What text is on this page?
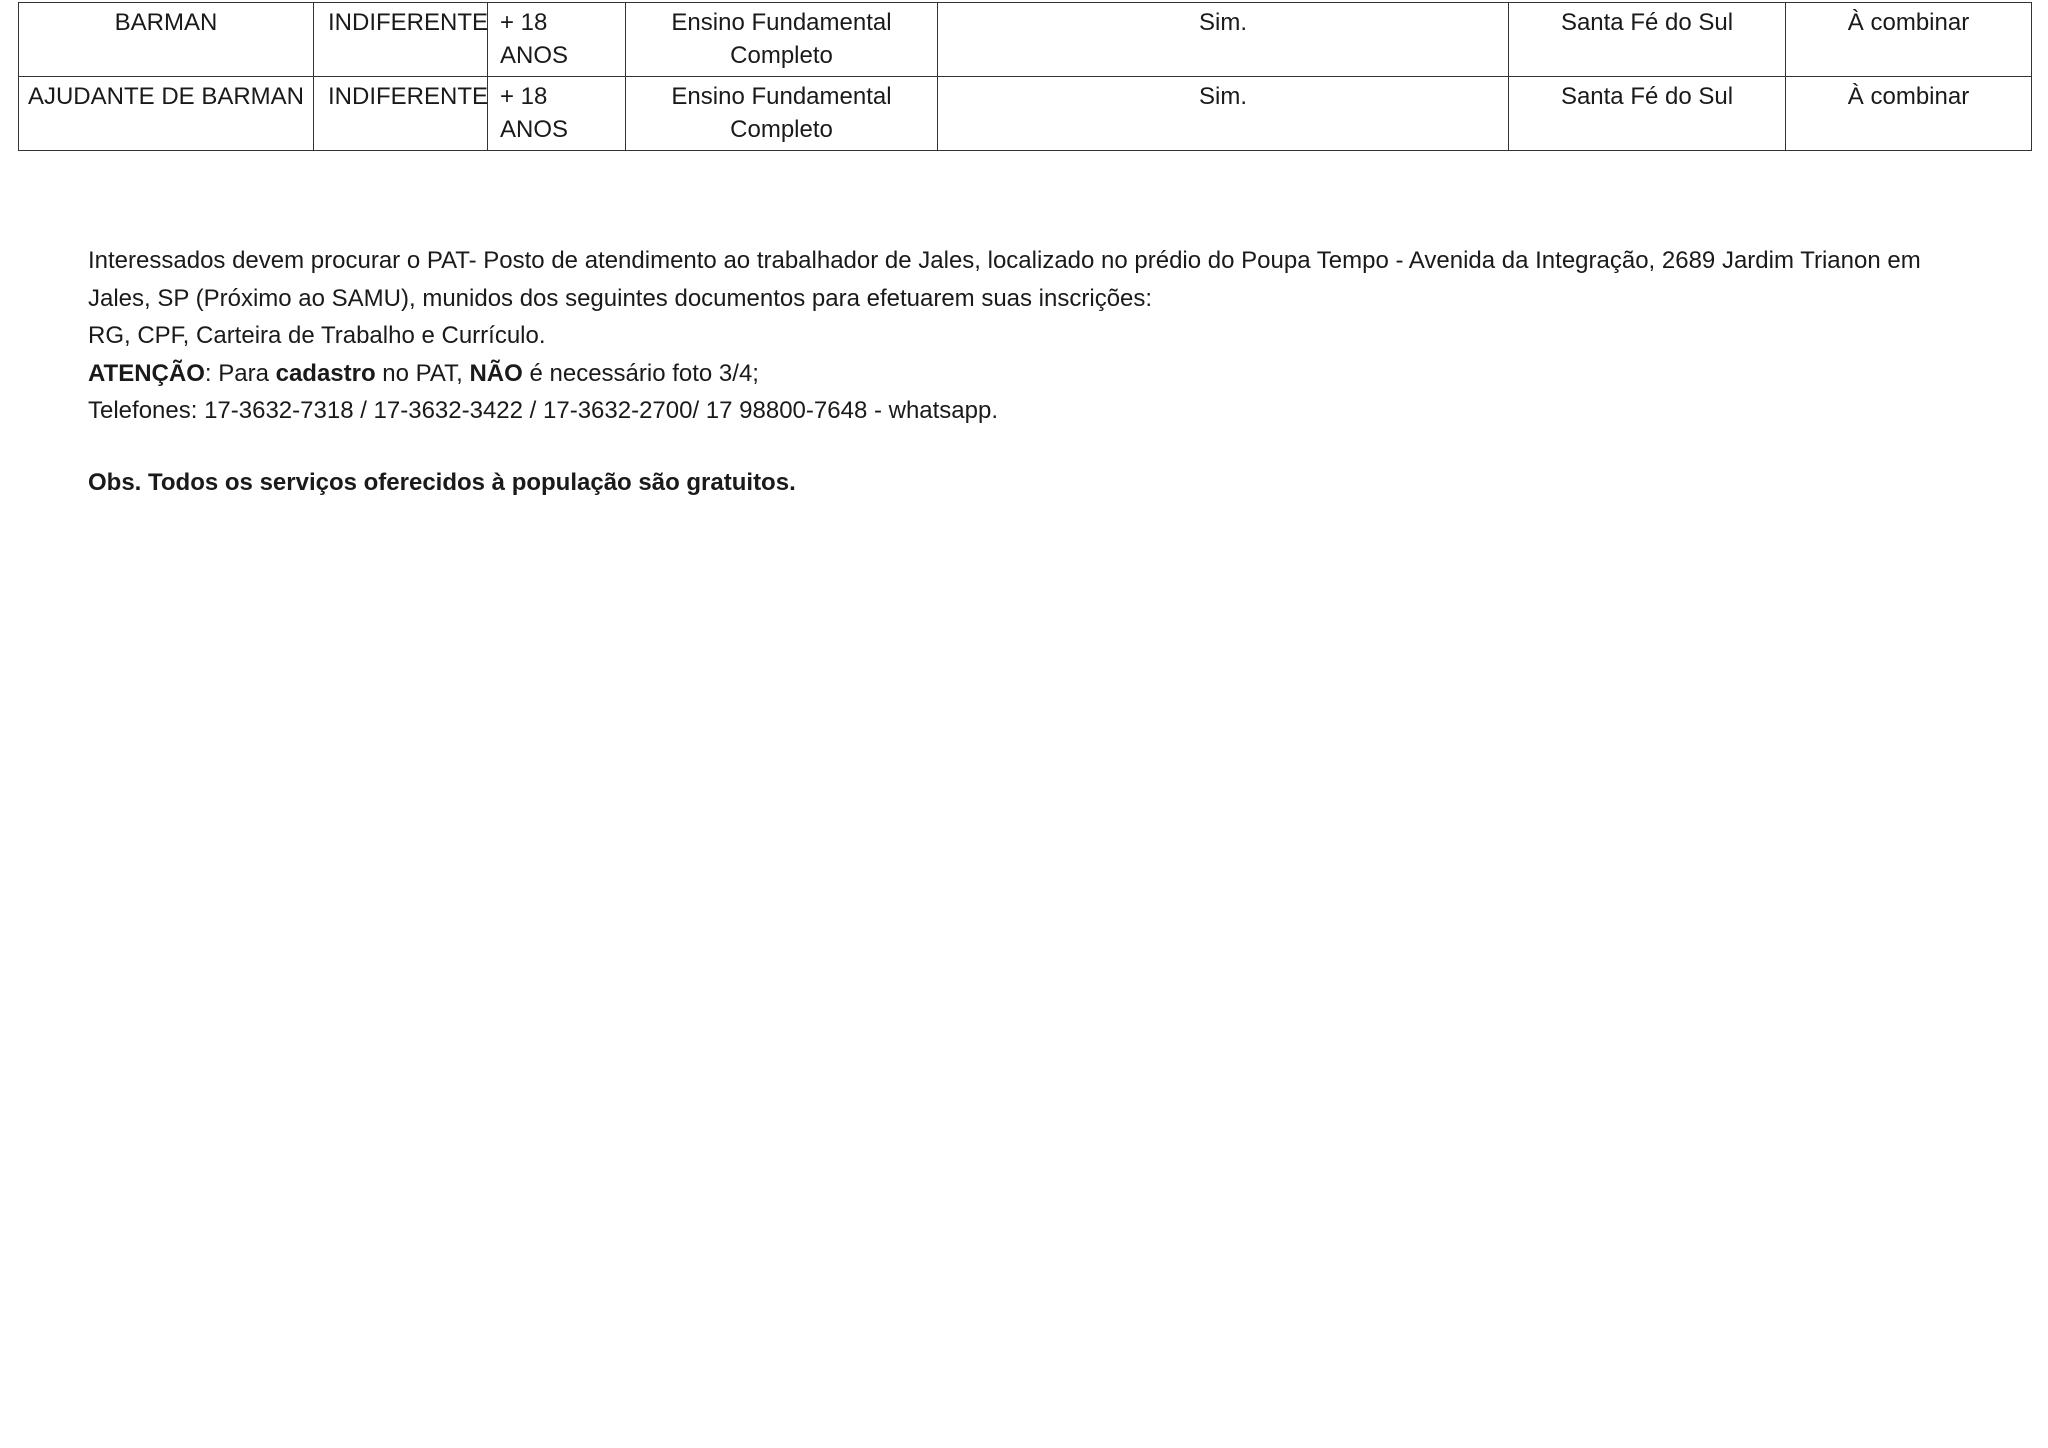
BARMAN	INDIFERENTE	+ 18 ANOS	Ensino Fundamental Completo	Sim.	Santa Fé do Sul	À combinar
AJUDANTE DE BARMAN	INDIFERENTE	+ 18 ANOS	Ensino Fundamental Completo	Sim.	Santa Fé do Sul	À combinar

Interessados devem procurar o PAT- Posto de atendimento ao trabalhador de Jales, localizado no prédio do Poupa Tempo - Avenida da Integração, 2689 Jardim Trianon em Jales, SP (Próximo ao SAMU), munidos dos seguintes documentos para efetuarem suas inscrições:

RG, CPF, Carteira de Trabalho e Currículo.

ATENÇÃO: Para cadastro no PAT, NÃO é necessário foto 3/4;

Telefones: 17-3632-7318 / 17-3632-3422 / 17-3632-2700/ 17 98800-7648 - whatsapp.

Obs. Todos os serviços oferecidos à população são gratuitos.
